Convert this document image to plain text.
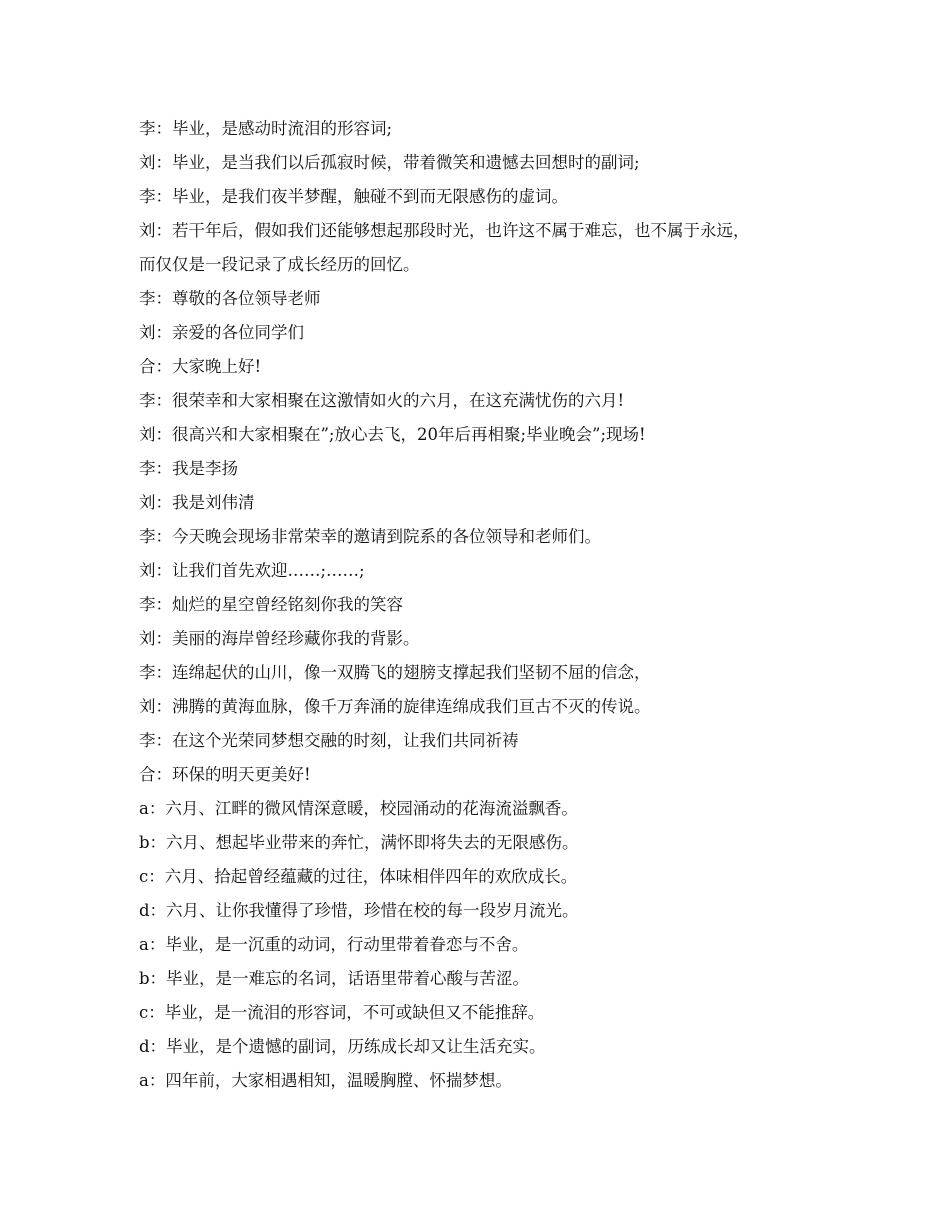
李：毕业，是感动时流泪的形容词;
刘：毕业，是当我们以后孤寂时候，带着微笑和遗憾去回想时的副词;
李：毕业，是我们夜半梦醒，触碰不到而无限感伤的虚词。
刘：若干年后，假如我们还能够想起那段时光，也许这不属于难忘，也不属于永远，
而仅仅是一段记录了成长经历的回忆。
李：尊敬的各位领导老师
刘：亲爱的各位同学们
合：大家晚上好!
李：很荣幸和大家相聚在这激情如火的六月，在这充满忧伤的六月!
刘：很高兴和大家相聚在”;放心去飞，20年后再相聚;毕业晚会”;现场!
李：我是李扬
刘：我是刘伟清
李：今天晚会现场非常荣幸的邀请到院系的各位领导和老师们。
刘：让我们首先欢迎……;……;
李：灿烂的星空曾经铭刻你我的笑容
刘：美丽的海岸曾经珍藏你我的背影。
李：连绵起伏的山川，像一双腾飞的翅膀支撑起我们坚韧不屈的信念，
刘：沸腾的黄海血脉，像千万奔涌的旋律连绵成我们亘古不灭的传说。
李：在这个光荣同梦想交融的时刻，让我们共同祈祷
合：环保的明天更美好!
a：六月、江畔的微风情深意暖，校园涌动的花海流溢飘香。
b：六月、想起毕业带来的奔忙，满怀即将失去的无限感伤。
c：六月、拾起曾经蕴藏的过往，体味相伴四年的欢欣成长。
d：六月、让你我懂得了珍惜，珍惜在校的每一段岁月流光。
a：毕业，是一沉重的动词，行动里带着眷恋与不舍。
b：毕业，是一难忘的名词，话语里带着心酸与苦涩。
c：毕业，是一流泪的形容词，不可或缺但又不能推辞。
d：毕业，是个遗憾的副词，历练成长却又让生活充实。
a：四年前，大家相遇相知，温暖胸膛、怀揣梦想。
